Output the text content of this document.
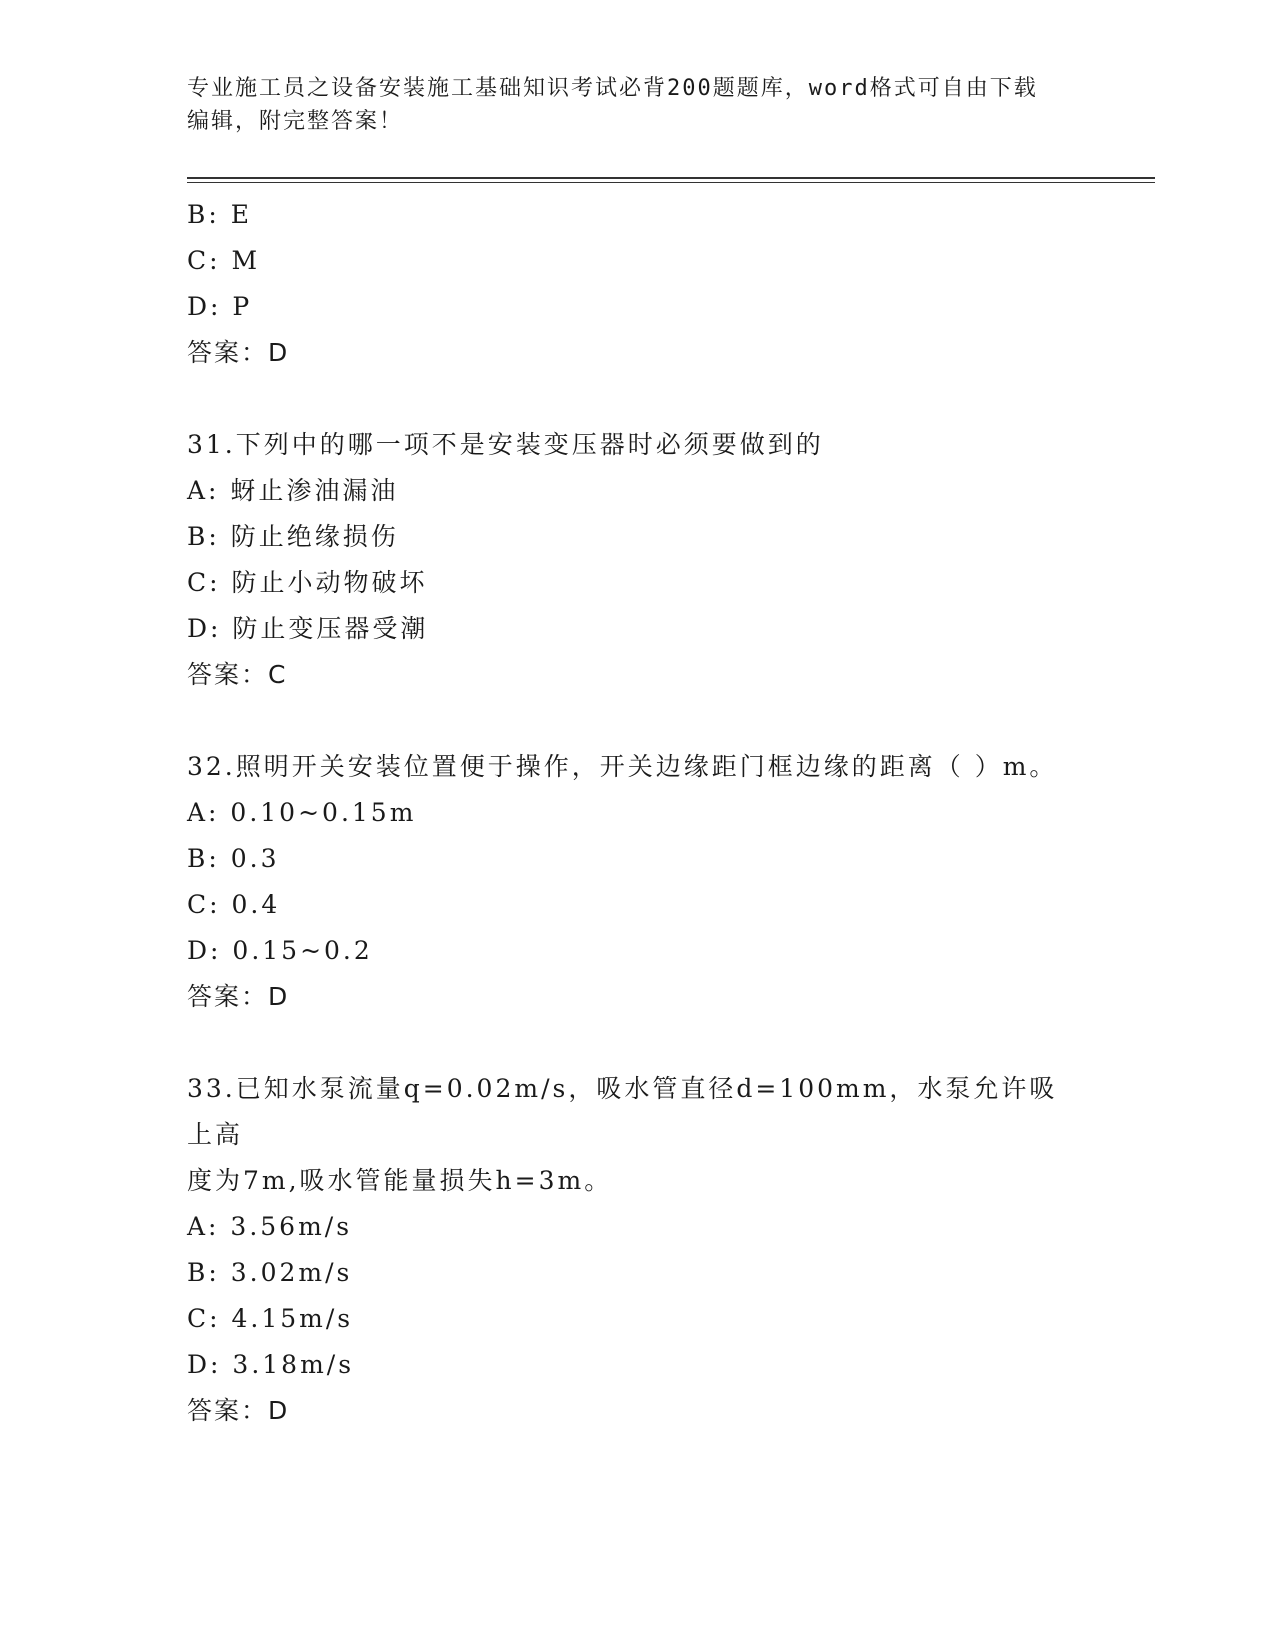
专业施工员之设备安装施工基础知识考试必背200题题库，word格式可自由下载
编辑，附完整答案！
B: E
C: M
D: P
答案：D
31.下列中的哪一项不是安装变压器时必须要做到的
A: 蚜止渗油漏油
B: 防止绝缘损伤
C: 防止小动物破坏
D: 防止变压器受潮
答案：C
32.照明开关安装位置便于操作，开关边缘距门框边缘的距离（ ）m。
A: 0.10~0.15m
B: 0.3
C: 0.4
D: 0.15~0.2
答案：D
33.已知水泵流量q=0.02m/s，吸水管直径d=100mm，水泵允许吸上高
度为7m,吸水管能量损失h=3m。
A: 3.56m/s
B: 3.02m/s
C: 4.15m/s
D: 3.18m/s
答案：D
